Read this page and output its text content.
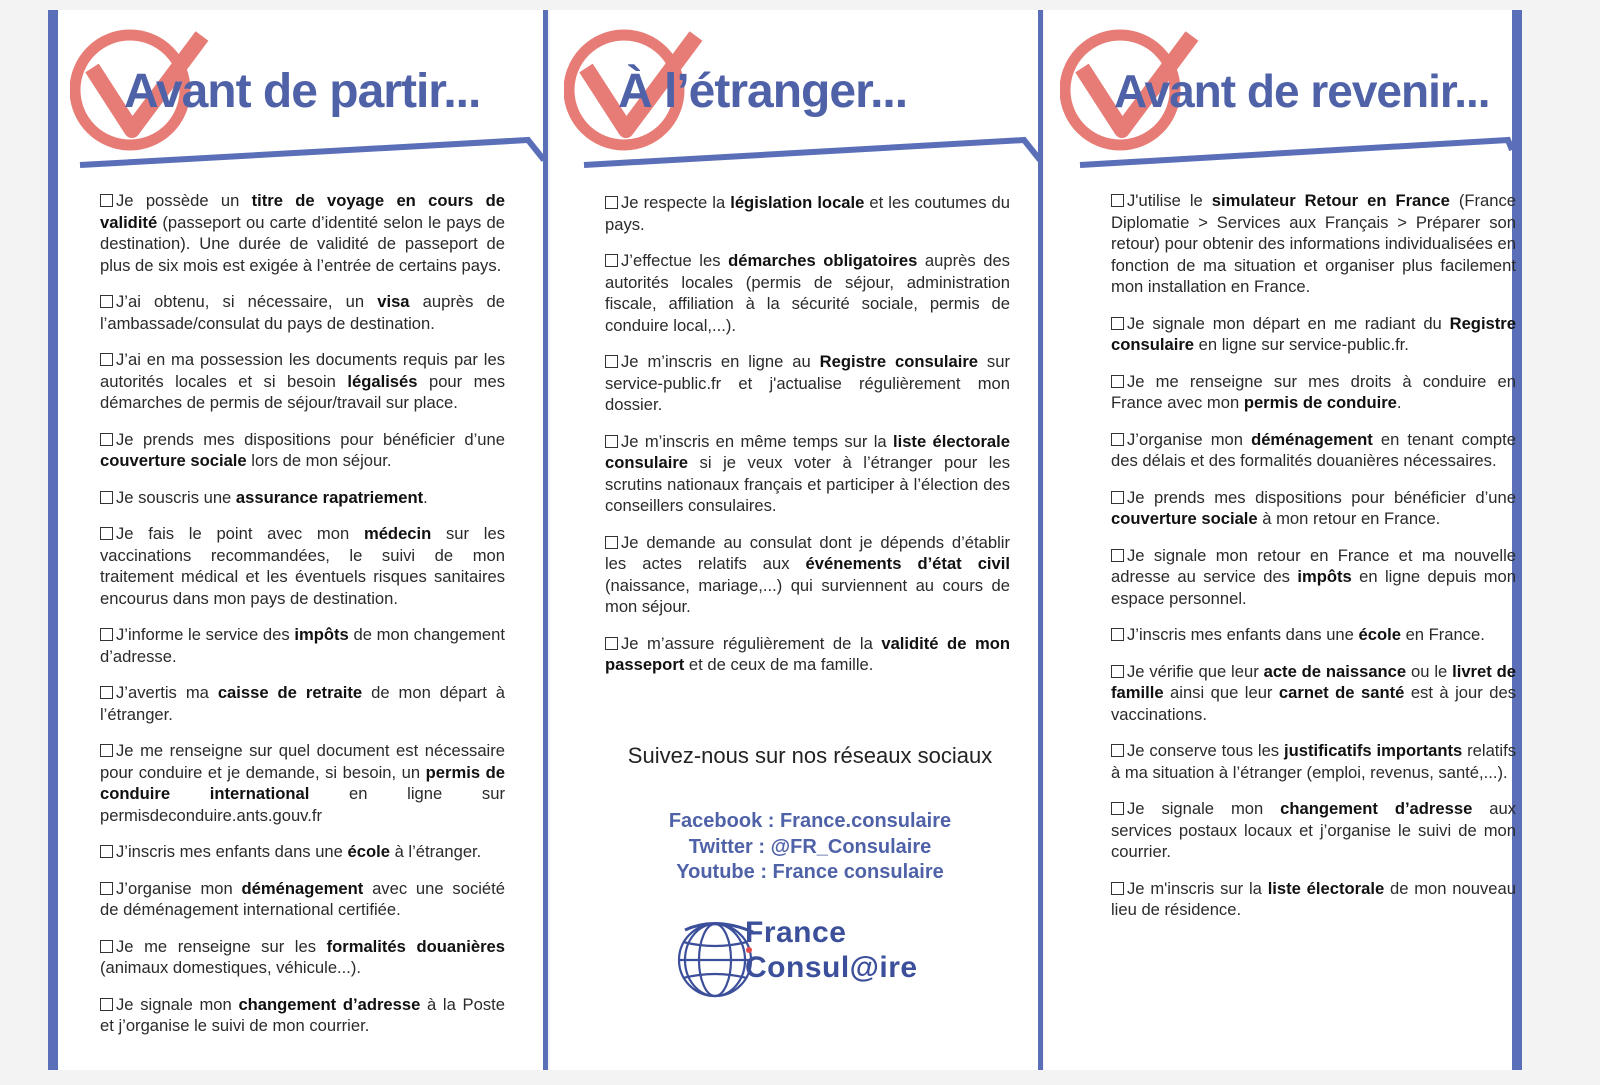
Avant de partir...	À l’étranger...	Avant de revenir...
Je possède un titre de voyage en cours de validité (passeport ou carte d’identité selon le pays de destination). Une durée de validité de passeport de plus de six mois est exigée à l’entrée de certains pays.
J’ai obtenu, si nécessaire, un visa auprès de l’ambassade/consulat du pays de destination.
J’ai en ma possession les documents requis par les autorités locales et si besoin légalisés pour mes démarches de permis de séjour/travail sur place.
Je prends mes dispositions pour bénéficier d’une couverture sociale lors de mon séjour.
Je souscris une assurance rapatriement.
Je fais le point avec mon médecin sur les vaccinations recommandées, le suivi de mon traitement médical et les éventuels risques sanitaires encourus dans mon pays de destination.
J’informe le service des impôts de mon changement d’adresse.
J’avertis ma caisse de retraite de mon départ à l’étranger.
Je me renseigne sur quel document est nécessaire pour conduire et je demande, si besoin, un permis de conduire international en ligne sur permisdeconduire.ants.gouv.fr
J’inscris mes enfants dans une école à l’étranger.
J’organise mon déménagement avec une société de déménagement international certifiée.
Je me renseigne sur les formalités douanières (animaux domestiques, véhicule...).
Je signale mon changement d’adresse à la Poste et j’organise le suivi de mon courrier.
Je respecte la législation locale et les coutumes du pays.
J’effectue les démarches obligatoires auprès des autorités locales (permis de séjour, administration fiscale, affiliation à la sécurité sociale, permis de conduire local,...).
Je m’inscris en ligne au Registre consulaire sur service-public.fr et j'actualise régulièrement mon dossier.
Je m’inscris en même temps sur la liste électorale consulaire si je veux voter à l’étranger pour les scrutins nationaux français et participer à l’élection des conseillers consulaires.
Je demande au consulat dont je dépends d’établir les actes relatifs aux événements d’état civil (naissance, mariage,...) qui surviennent au cours de mon séjour.
Je m’assure régulièrement de la validité de mon passeport et de ceux de ma famille.
J'utilise le simulateur Retour en France (France Diplomatie > Services aux Français > Préparer son retour) pour obtenir des informations individualisées en fonction de ma situation et organiser plus facilement mon installation en France.
Je signale mon départ en me radiant du Registre consulaire en ligne sur service-public.fr.
Je me renseigne sur mes droits à conduire en France avec mon permis de conduire.
J’organise mon déménagement en tenant compte des délais et des formalités douanières nécessaires.
Je prends mes dispositions pour bénéficier d’une couverture sociale à mon retour en France.
Je signale mon retour en France et ma nouvelle adresse au service des impôts en ligne depuis mon espace personnel.
J’inscris mes enfants dans une école en France.
Je vérifie que leur acte de naissance ou le livret de famille ainsi que leur carnet de santé est à jour des vaccinations.
Je conserve tous les justificatifs importants relatifs à ma situation à l’étranger (emploi, revenus, santé,...).
Je signale mon changement d’adresse aux services postaux locaux et j’organise le suivi de mon courrier.
Je m'inscris sur la liste électorale de mon nouveau lieu de résidence.
Suivez-nous sur nos réseaux sociaux
Facebook : France.consulaire
Twitter : @FR_Consulaire
Youtube : France consulaire
France
Consul@ire
